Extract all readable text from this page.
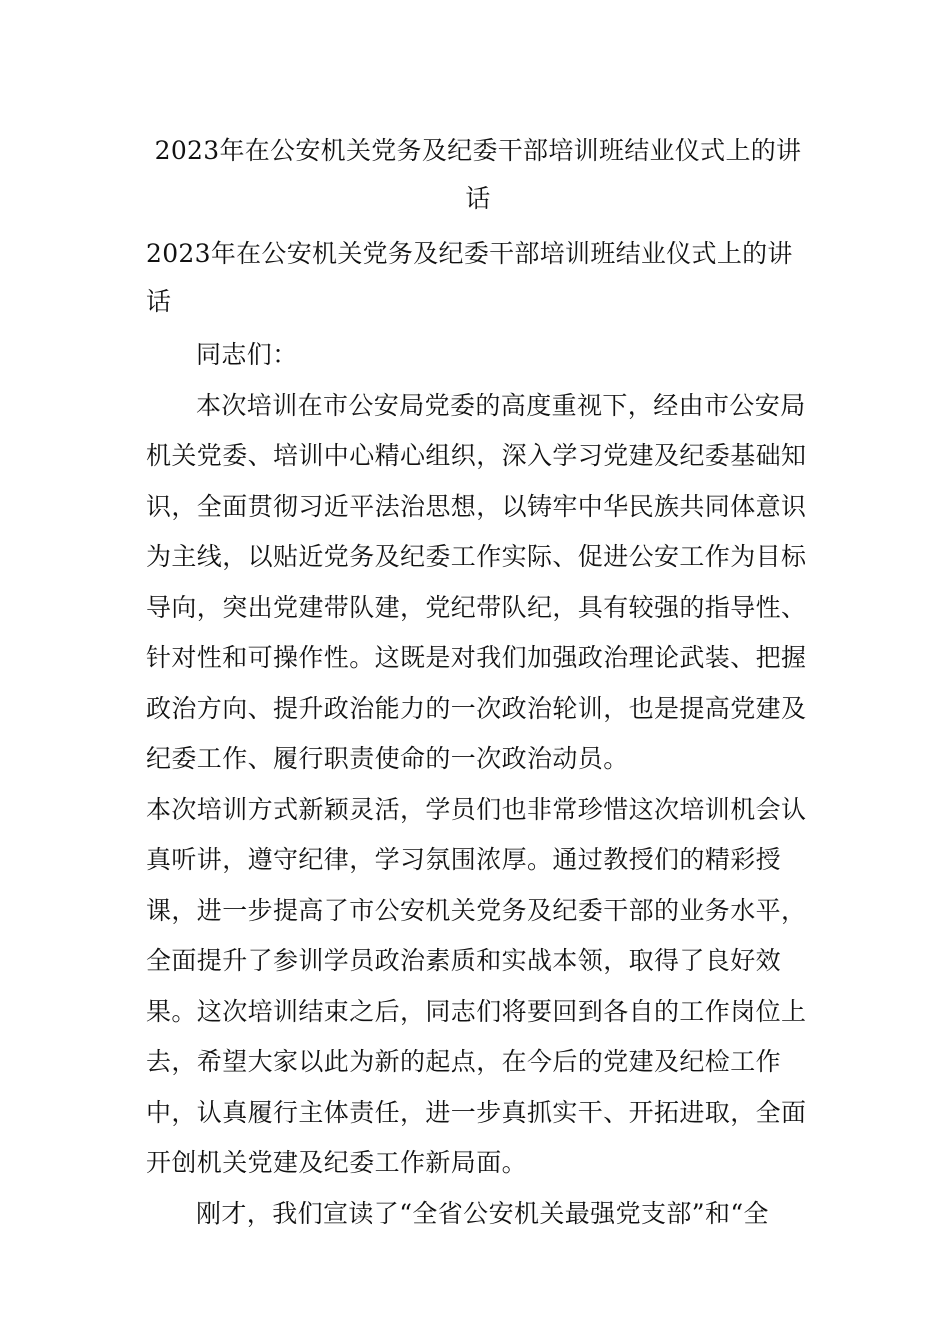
2023年在公安机关党务及纪委干部培训班结业仪式上的讲话
2023年在公安机关党务及纪委干部培训班结业仪式上的讲话

同志们：

本次培训在市公安局党委的高度重视下，经由市公安局机关党委、培训中心精心组织，深入学习党建及纪委基础知识，全面贯彻习近平法治思想，以铸牢中华民族共同体意识为主线，以贴近党务及纪委工作实际、促进公安工作为目标导向，突出党建带队建，党纪带队纪，具有较强的指导性、针对性和可操作性。这既是对我们加强政治理论武装、把握政治方向、提升政治能力的一次政治轮训，也是提高党建及纪委工作、履行职责使命的一次政治动员。

本次培训方式新颖灵活，学员们也非常珍惜这次培训机会认真听讲，遵守纪律，学习氛围浓厚。通过教授们的精彩授课，进一步提高了市公安机关党务及纪委干部的业务水平，全面提升了参训学员政治素质和实战本领，取得了良好效果。这次培训结束之后，同志们将要回到各自的工作岗位上去，希望大家以此为新的起点，在今后的党建及纪检工作中，认真履行主体责任，进一步真抓实干、开拓进取，全面开创机关党建及纪委工作新局面。

刚才，我们宣读了“全省公安机关最强党支部”和“全
